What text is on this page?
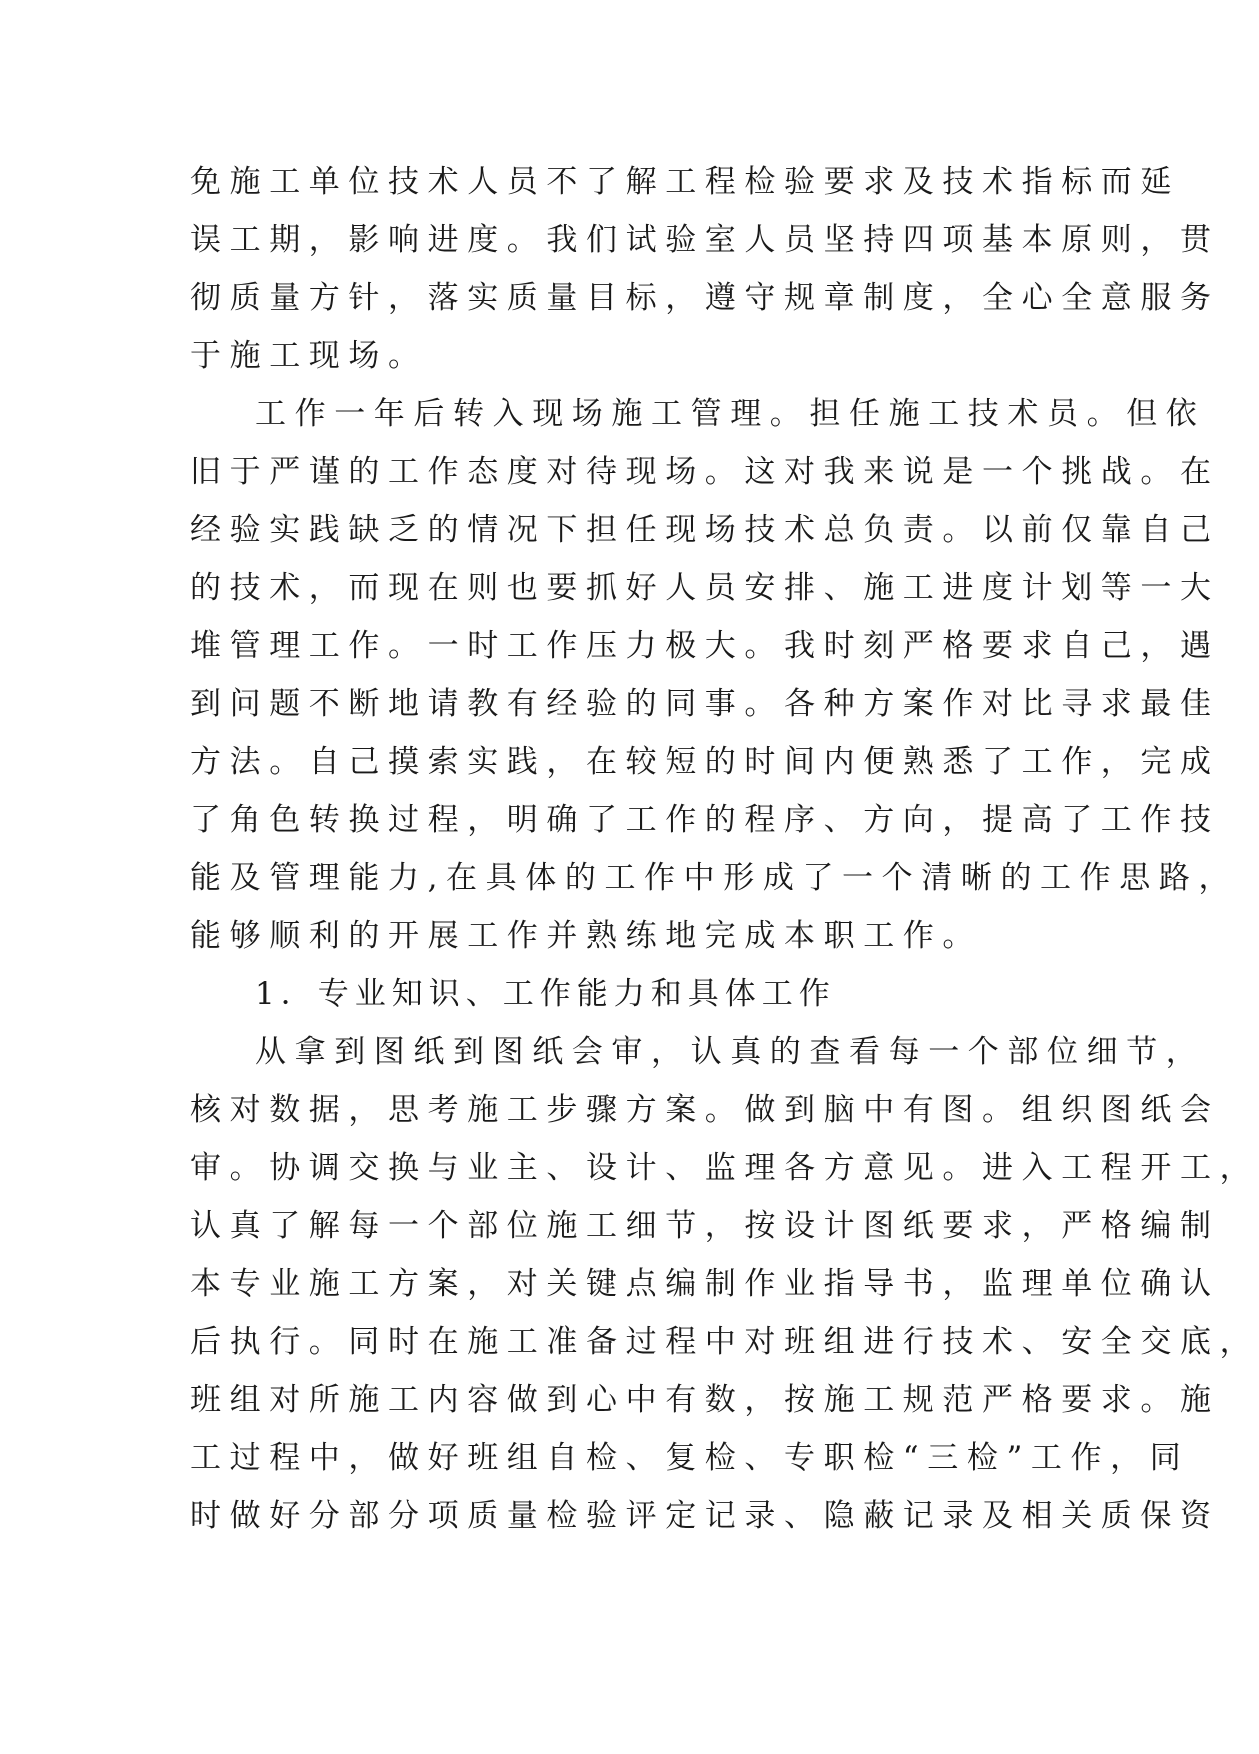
免施工单位技术人员不了解工程检验要求及技术指标而延
误工期，影响进度。我们试验室人员坚持四项基本原则，贯
彻质量方针，落实质量目标，遵守规章制度，全心全意服务
于施工现场。
工作一年后转入现场施工管理。担任施工技术员。但依
旧于严谨的工作态度对待现场。这对我来说是一个挑战。在
经验实践缺乏的情况下担任现场技术总负责。以前仅靠自己
的技术，而现在则也要抓好人员安排、施工进度计划等一大
堆管理工作。一时工作压力极大。我时刻严格要求自己，遇
到问题不断地请教有经验的同事。各种方案作对比寻求最佳
方法。自己摸索实践，在较短的时间内便熟悉了工作，完成
了角色转换过程，明确了工作的程序、方向，提高了工作技
能及管理能力,在具体的工作中形成了一个清晰的工作思路，
能够顺利的开展工作并熟练地完成本职工作。
1．专业知识、工作能力和具体工作
从拿到图纸到图纸会审，认真的查看每一个部位细节，
核对数据，思考施工步骤方案。做到脑中有图。组织图纸会
审。协调交换与业主、设计、监理各方意见。进入工程开工，
认真了解每一个部位施工细节，按设计图纸要求，严格编制
本专业施工方案，对关键点编制作业指导书，监理单位确认
后执行。同时在施工准备过程中对班组进行技术、安全交底，
班组对所施工内容做到心中有数，按施工规范严格要求。施
工过程中，做好班组自检、复检、专职检“三检”工作，同
时做好分部分项质量检验评定记录、隐蔽记录及相关质保资
